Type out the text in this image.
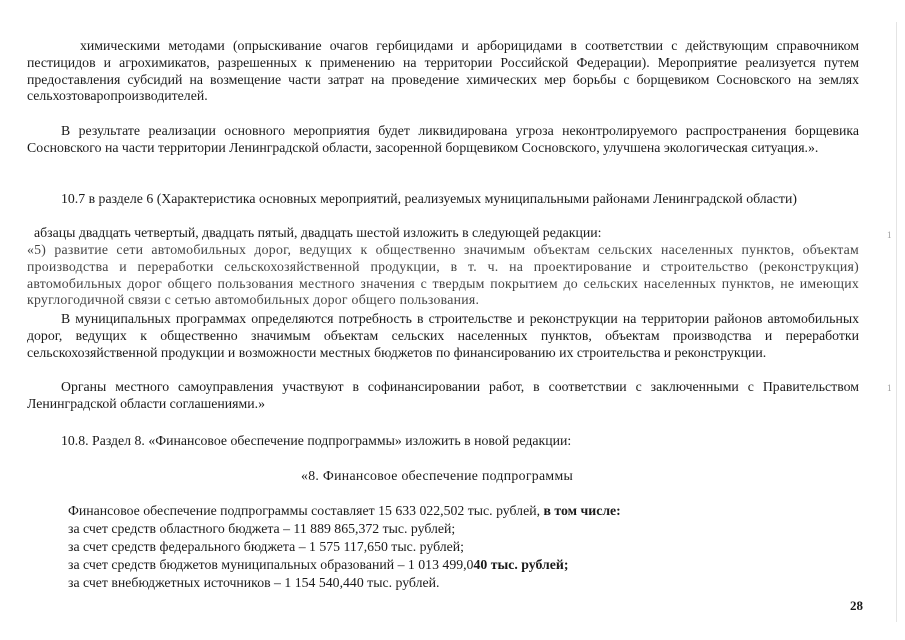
химическими методами (опрыскивание очагов гербицидами и арборицидами в соответствии с действующим справочником пестицидов и агрохимикатов, разрешенных к применению на территории Российской Федерации). Мероприятие реализуется путем предоставления субсидий на возмещение части затрат на проведение химических мер борьбы с борщевиком Сосновского на землях сельхозтоваропроизводителей.

В результате реализации основного мероприятия будет ликвидирована угроза неконтролируемого распространения борщевика Сосновского на части территории Ленинградской области, засоренной борщевиком Сосновского, улучшена экологическая ситуация.».

10.7 в разделе 6 (Характеристика основных мероприятий, реализуемых муниципальными районами Ленинградской области)

абзацы двадцать четвертый, двадцать пятый, двадцать шестой изложить в следующей редакции:

«5) развитие сети автомобильных дорог, ведущих к общественно значимым объектам сельских населенных пунктов, объектам производства и переработки сельскохозяйственной продукции, в т. ч. на проектирование и строительство (реконструкция) автомобильных дорог общего пользования местного значения с твердым покрытием до сельских населенных пунктов, не имеющих круглогодичной связи с сетью автомобильных дорог общего пользования.

В муниципальных программах определяются потребность в строительстве и реконструкции на территории районов автомобильных дорог, ведущих к общественно значимым объектам сельских населенных пунктов, объектам производства и переработки сельскохозяйственной продукции и возможности местных бюджетов по финансированию их строительства и реконструкции.

Органы местного самоуправления участвуют в софинансировании работ, в соответствии с заключенными с Правительством Ленинградской области соглашениями.»

10.8. Раздел 8. «Финансовое обеспечение подпрограммы» изложить в новой редакции:

«8. Финансовое обеспечение подпрограммы
Финансовое обеспечение подпрограммы составляет 15 633 022,502 тыс. рублей, в том числе:
за счет средств областного бюджета – 11 889 865,372 тыс. рублей;
за счет средств федерального бюджета – 1 575 117,650 тыс. рублей;
за счет средств бюджетов муниципальных образований – 1 013 499,040 тыс. рублей;
за счет внебюджетных источников – 1 154 540,440 тыс. рублей.
28
1
1
